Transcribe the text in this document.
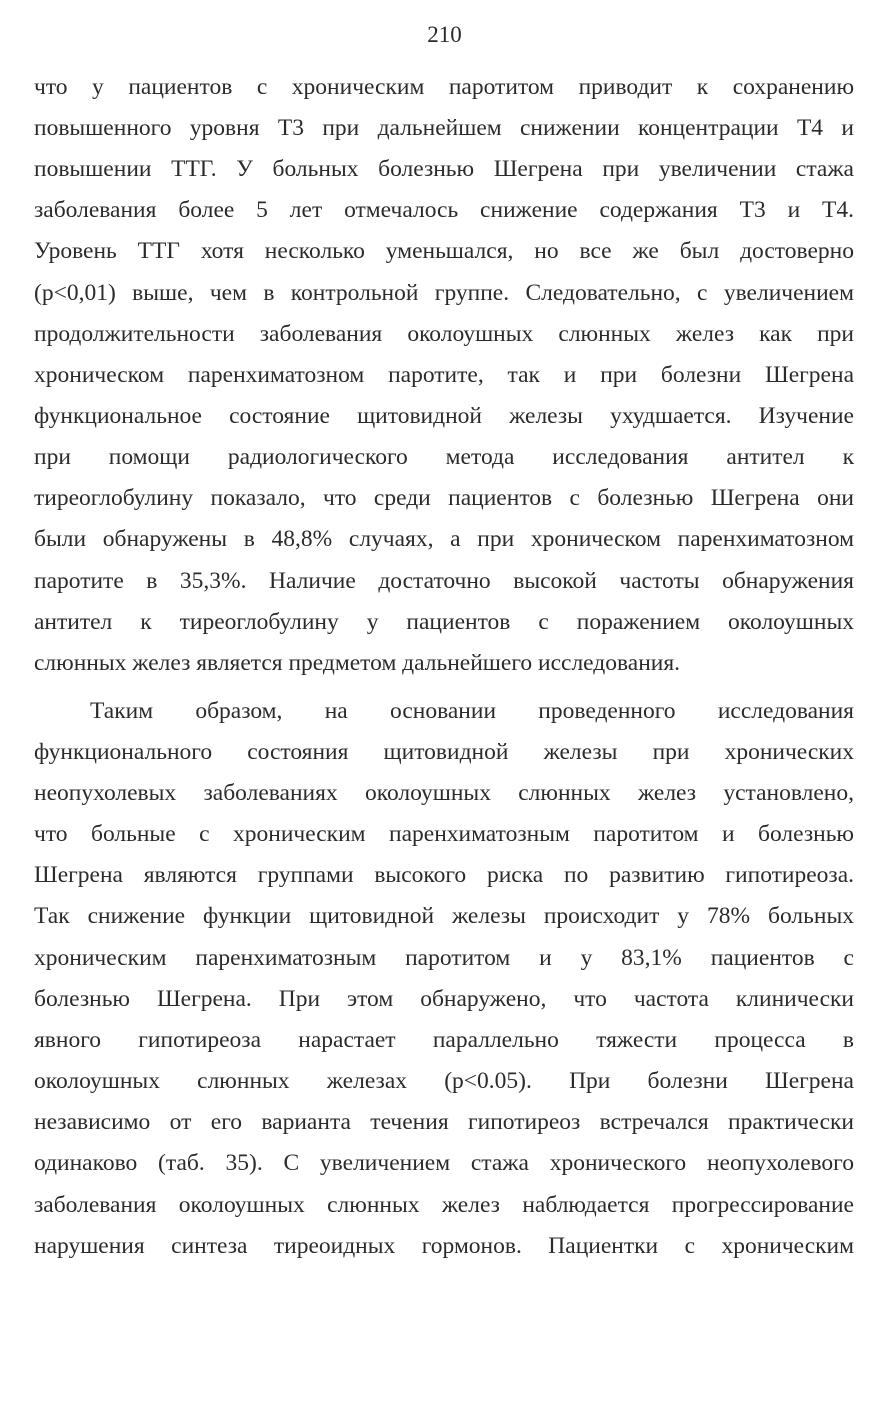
210
что у пациентов с хроническим паротитом приводит к сохранению
повышенного уровня Т3 при дальнейшем снижении концентрации Т4 и
повышении ТТГ. У больных болезнью Шегрена при увеличении стажа
заболевания более 5 лет отмечалось снижение содержания Т3 и Т4.
Уровень ТТГ хотя несколько уменьшался, но все же был достоверно
(p<0,01) выше, чем в контрольной группе. Следовательно, с увеличением
продолжительности заболевания околоушных слюнных желез как при
хроническом паренхиматозном паротите, так и при болезни Шегрена
функциональное состояние щитовидной железы ухудшается. Изучение
при помощи радиологического метода исследования антител к
тиреоглобулину показало, что среди пациентов с болезнью Шегрена они
были обнаружены в 48,8% случаях, а при хроническом паренхиматозном
паротите в 35,3%. Наличие достаточно высокой частоты обнаружения
антител к тиреоглобулину у пациентов с поражением околоушных
слюнных желез является предметом дальнейшего исследования.
Таким образом, на основании проведенного исследования
функционального состояния щитовидной железы при хронических
неопухолевых заболеваниях околоушных слюнных желез установлено,
что больные с хроническим паренхиматозным паротитом и болезнью
Шегрена являются группами высокого риска по развитию гипотиреоза.
Так снижение функции щитовидной железы происходит у 78% больных
хроническим паренхиматозным паротитом и у 83,1% пациентов с
болезнью Шегрена. При этом обнаружено, что частота клинически
явного гипотиреоза нарастает параллельно тяжести процесса в
околоушных слюнных железах (p<0.05). При болезни Шегрена
независимо от его варианта течения гипотиреоз встречался практически
одинаково (таб. 35). С увеличением стажа хронического неопухолевого
заболевания околоушных слюнных желез наблюдается прогрессирование
нарушения синтеза тиреоидных гормонов. Пациентки с хроническим
